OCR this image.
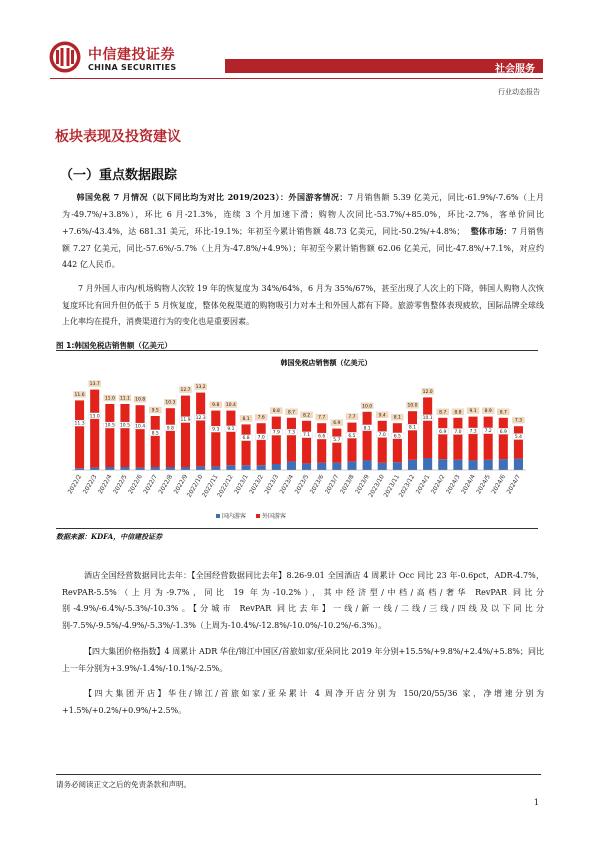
中信建投证券
CHINA SECURITIES	社会服务
行业动态报告
板块表现及投资建议
（一）重点数据跟踪
韩国免税 7 月情况（以下同比均为对比 2019/2023）：外国游客情况：7 月销售额 5.39 亿美元，同比-61.9%/-7.6%（上月为-49.7%/+3.8%），环比 6 月-21.3%，连续 3 个月加速下滑；购物人次同比-53.7%/+85.0%，环比-2.7%，客单价同比+7.6%/-43.4%，达 681.31 美元，环比-19.1%；年初至今累计销售额 48.73 亿美元，同比-50.2%/+4.8%； 整体市场：7 月销售额 7.27 亿美元，同比-57.6%/-5.7%（上月为-47.8%/+4.9%）；年初至今累计销售额 62.06 亿美元，同比-47.8%/+7.1%，对应约 442 亿人民币。
7 月外国人市内/机场购物人次较 19 年的恢复度为 34%/64%，6 月为 35%/67%，甚至出现了人次上的下降，韩国人购物人次恢复度环比有回升但仍低于 5 月恢复度，整体免税渠道的购物吸引力对本土和外国人都有下降。旅游零售整体表现疲软，国际品牌全球线上化率均在提升，消费渠道行为的变化也是重要因素。
图 1:韩国免税店销售额（亿美元）
韩国免税店销售额（亿美元）
11.3
11.6
13.0
13.7
10.5
11.0
10.5
11.1
10.4
10.8
8.5
9.5
9.8
10.3
11.9
12.7
12.3
13.2
9.3
9.8
9.1
10.4
6.8
8.1
7.0
7.6
7.9
8.8
7.3
8.7
7.1
8.2
6.6
7.7
5.7
6.9
6.5
7.7
8.1
10.0
7.0
9.4
6.5
8.1
8.1
10.0
10.1
12.0
6.9
8.7
7.0
8.8
7.3
9.1
7.2
8.9
6.9
8.7
5.4
7.3
2022/2
2022/3
2022/4
2022/5
2022/6
2022/7
2022/8
2022/9
2022/10
2022/11
2022/12
2023/1
2023/2
2023/3
2023/4
2023/5
2023/6
2023/7
2023/8
2023/9
2023/10
2023/11
2023/12
2024/1
2024/2
2024/3
2024/4
2024/5
2024/6
2024/7
国内游客	外国游客
数据来源：KDFA，中信建投证券
酒店全国经营数据同比去年：【全国经营数据同比去年】8.26-9.01 全国酒店 4 周累计 Occ 同比 23 年-0.6pct，ADR-4.7%，RevPAR-5.5%（上月为-9.7%，同比 19 年为-10.2%），其中经济型/中档/高档/奢华 RevPAR 同比分别-4.9%/-6.4%/-5.3%/-10.3%。【分城市 RevPAR 同比去年】一线/新一线/二线/三线/四线及以下同比分别-7.5%/-9.5%/-4.9%/-5.3%/-1.3%（上周为-10.4%/-12.8%/-10.0%/-10.2%/-6.3%）。
【四大集团价格指数】4 周累计 ADR 华住/锦江中国区/首旅如家/亚朵同比 2019 年分别+15.5%/+9.8%/+2.4%/+5.8%；同比上一年分别为+3.9%/-1.4%/-10.1%/-2.5%。
【四大集团开店】华住/锦江/首旅如家/亚朵累计 4 周净开店分别为 150/20/55/36 家，净增速分别为+1.5%/+0.2%/+0.9%/+2.5%。
请务必阅读正文之后的免责条款和声明。
1
